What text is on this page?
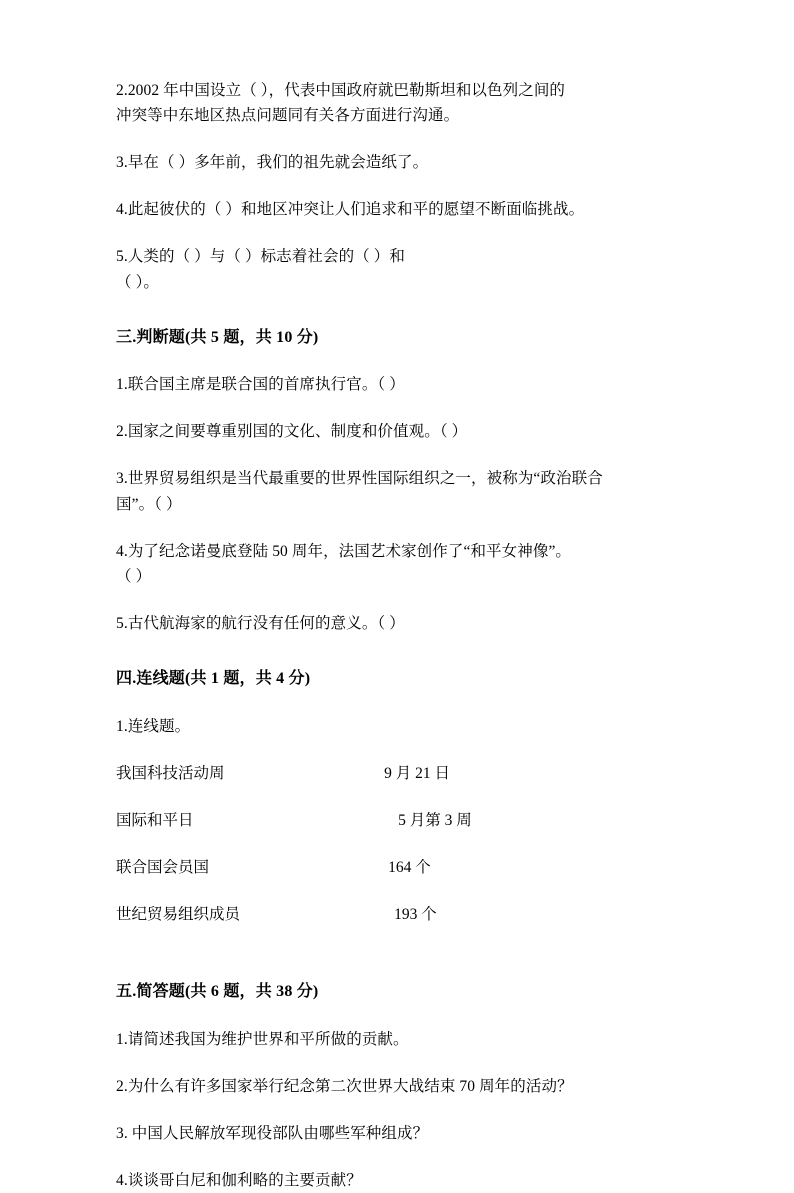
2.2002 年中国设立（ ），代表中国政府就巴勒斯坦和以色列之间的
冲突等中东地区热点问题同有关各方面进行沟通。
3.早在（ ）多年前，我们的祖先就会造纸了。
4.此起彼伏的（ ）和地区冲突让人们追求和平的愿望不断面临挑战。
5.人类的（ ）与（ ）标志着社会的（ ）和
（ ）。
三.判断题(共 5 题，共 10 分)
1.联合国主席是联合国的首席执行官。（ ）
2.国家之间要尊重别国的文化、制度和价值观。（ ）
3.世界贸易组织是当代最重要的世界性国际组织之一，被称为“政治联合
国”。（ ）
4.为了纪念诺曼底登陆 50 周年，法国艺术家创作了“和平女神像”。
（ ）
5.古代航海家的航行没有任何的意义。（ ）
四.连线题(共 1 题，共 4 分)
1.连线题。
我国科技活动周	9 月 21 日
国际和平日	5 月第 3 周
联合国会员国	164 个
世纪贸易组织成员	193 个
五.简答题(共 6 题，共 38 分)
1.请简述我国为维护世界和平所做的贡献。
2.为什么有许多国家举行纪念第二次世界大战结束 70 周年的活动？
3. 中国人民解放军现役部队由哪些军种组成？
4.谈谈哥白尼和伽利略的主要贡献？
